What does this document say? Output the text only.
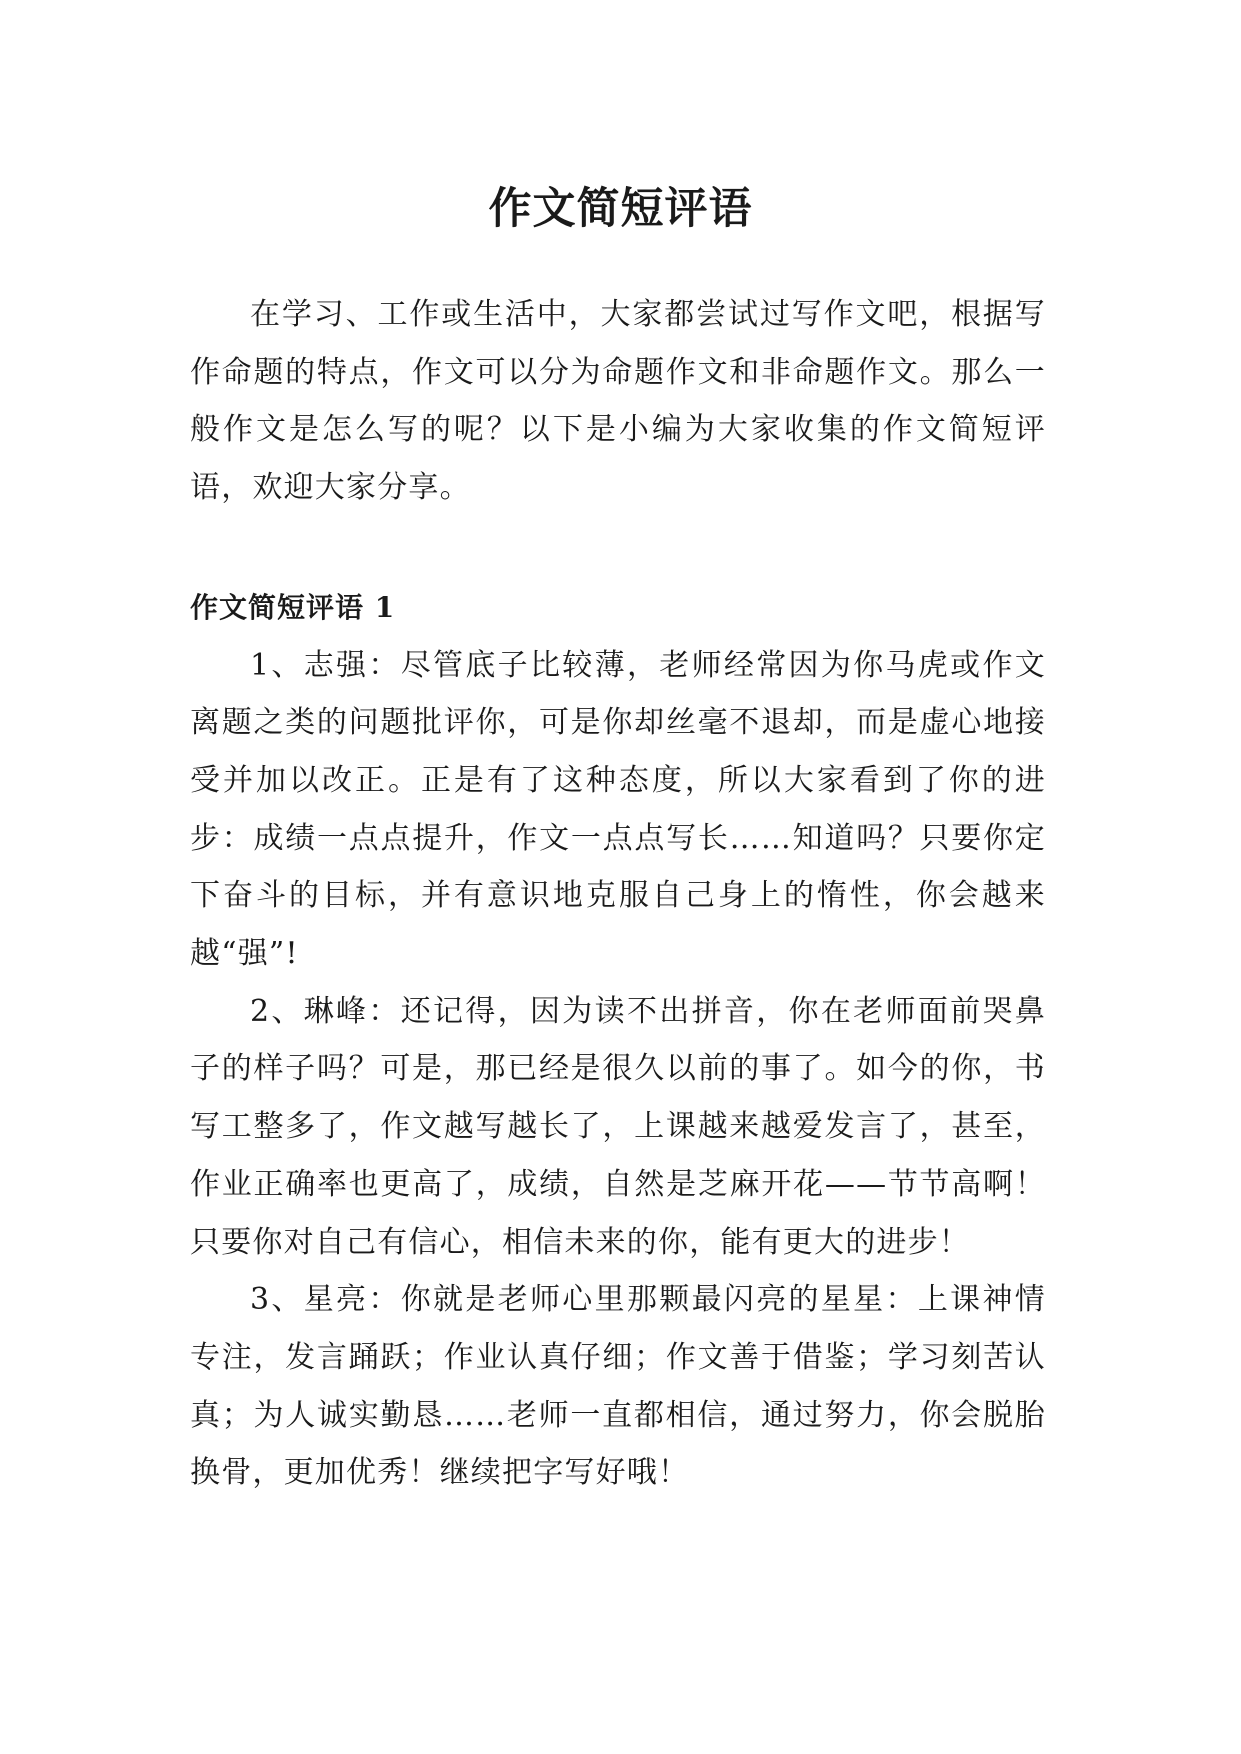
作文简短评语

在学习、工作或生活中，大家都尝试过写作文吧，根据写作命题的特点，作文可以分为命题作文和非命题作文。那么一般作文是怎么写的呢？以下是小编为大家收集的作文简短评语，欢迎大家分享。

作文简短评语 1

1、志强：尽管底子比较薄，老师经常因为你马虎或作文离题之类的问题批评你，可是你却丝毫不退却，而是虚心地接受并加以改正。正是有了这种态度，所以大家看到了你的进步：成绩一点点提升，作文一点点写长……知道吗？只要你定下奋斗的目标，并有意识地克服自己身上的惰性，你会越来越“强”!

2、琳峰：还记得，因为读不出拼音，你在老师面前哭鼻子的样子吗？可是，那已经是很久以前的事了。如今的你，书写工整多了，作文越写越长了，上课越来越爱发言了，甚至，作业正确率也更高了，成绩，自然是芝麻开花——节节高啊！只要你对自己有信心，相信未来的你，能有更大的进步！

3、星亮：你就是老师心里那颗最闪亮的星星：上课神情专注，发言踊跃；作业认真仔细；作文善于借鉴；学习刻苦认真；为人诚实勤恳……老师一直都相信，通过努力，你会脱胎换骨，更加优秀！继续把字写好哦！
